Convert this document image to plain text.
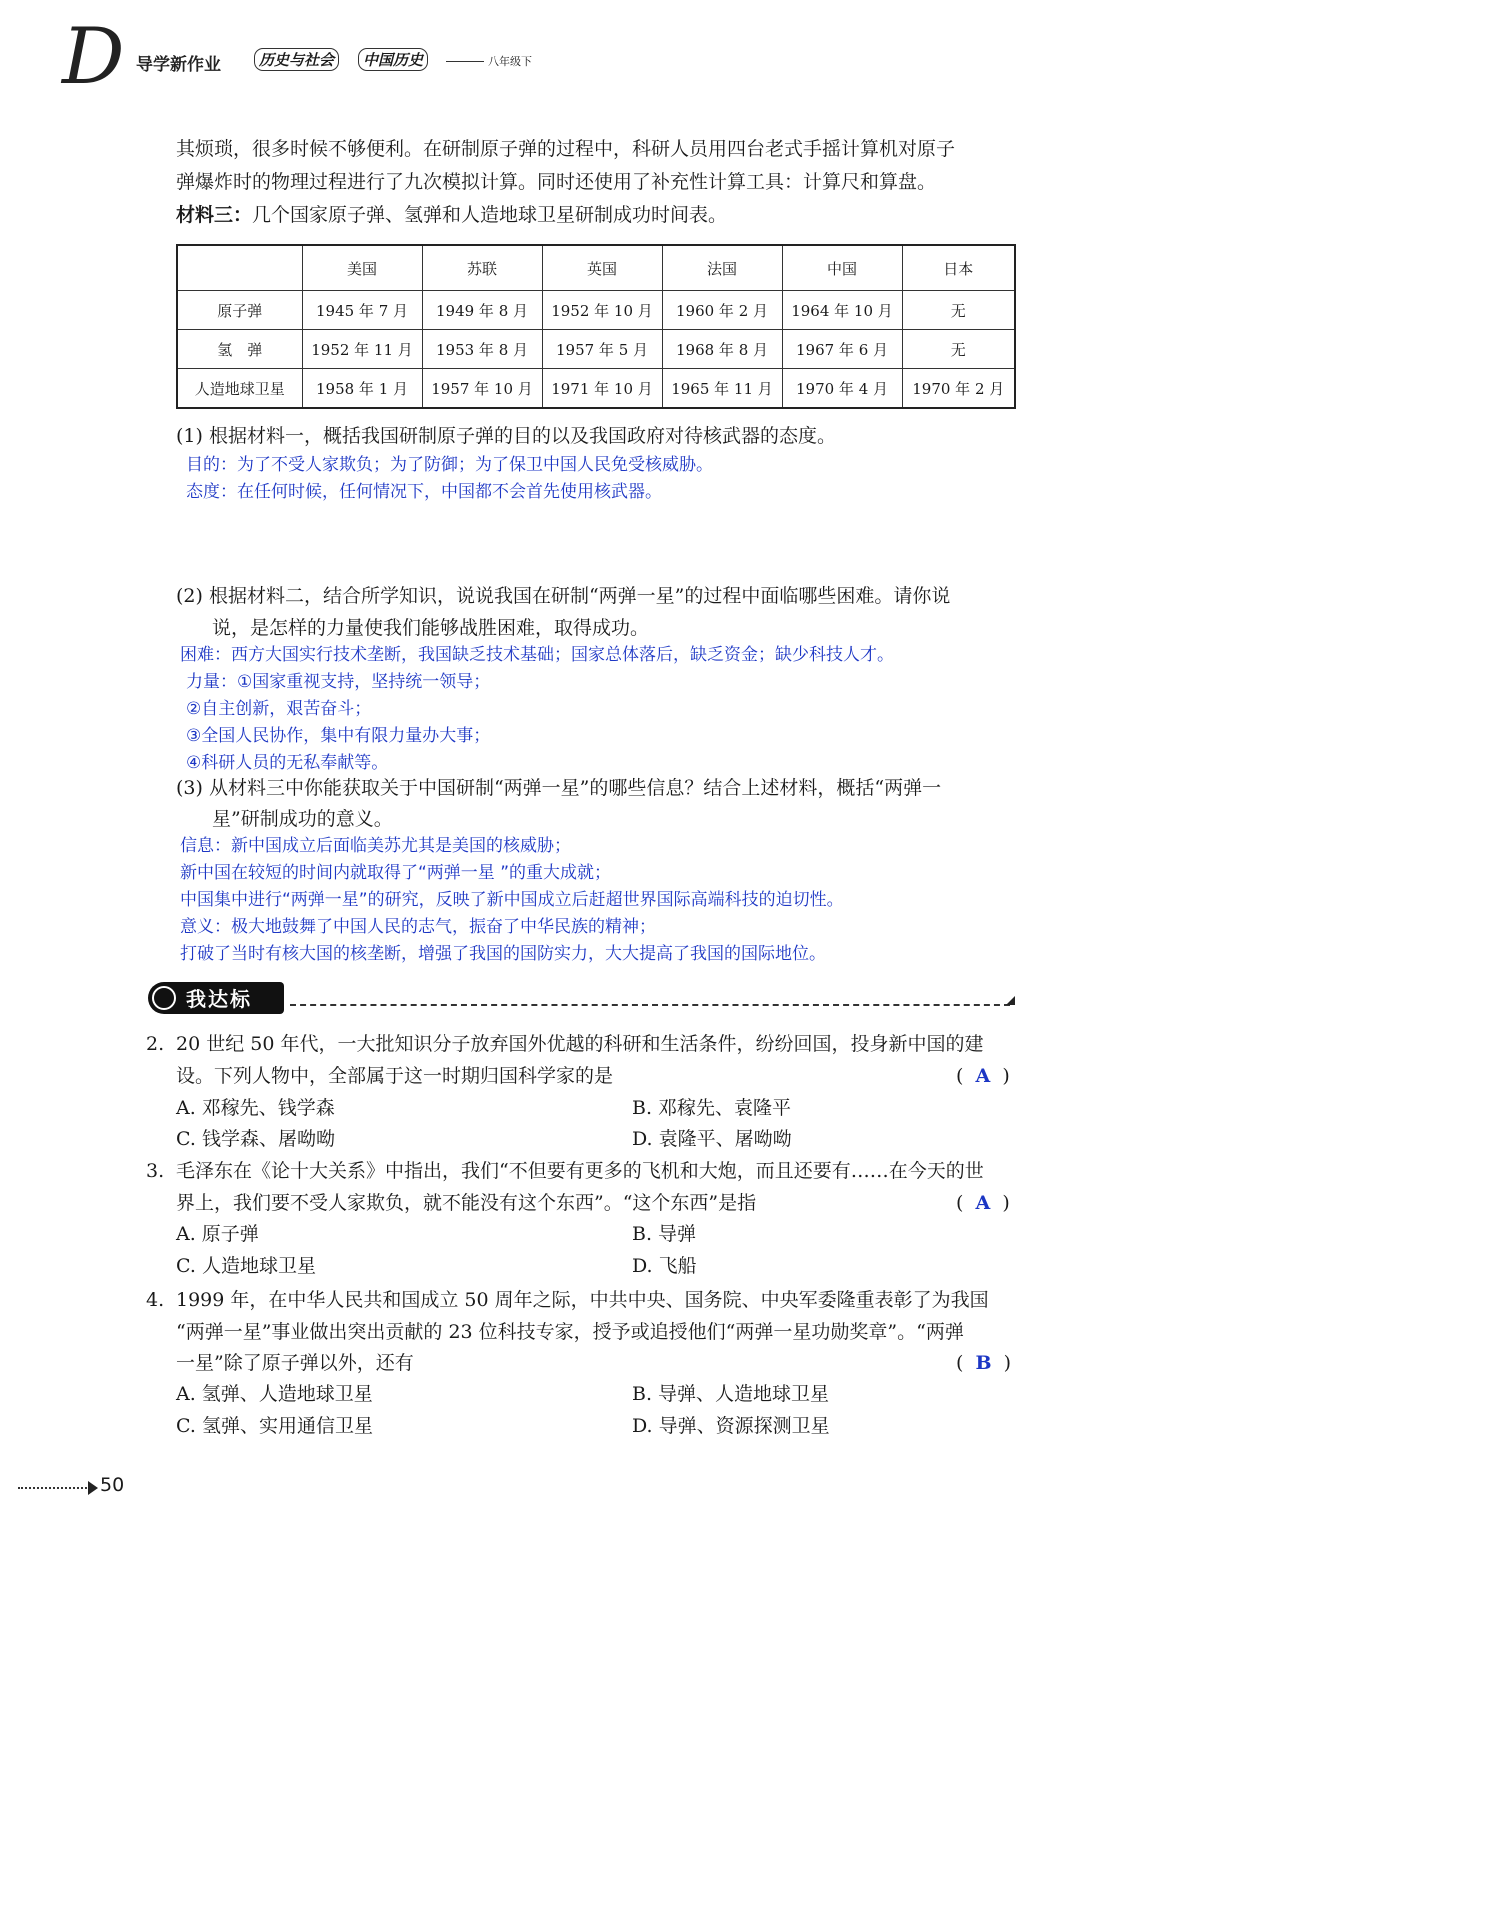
D 导学新作业	历史与社会	中国历史	八年级下
其烦琐，很多时候不够便利。在研制原子弹的过程中，科研人员用四台老式手摇计算机对原子
弹爆炸时的物理过程进行了九次模拟计算。同时还使用了补充性计算工具：计算尺和算盘。
材料三：几个国家原子弹、氢弹和人造地球卫星研制成功时间表。
	美国	苏联	英国	法国	中国	日本
原子弹	1945 年 7 月	1949 年 8 月	1952 年 10 月	1960 年 2 月	1964 年 10 月	无
氢　弹	1952 年 11 月	1953 年 8 月	1957 年 5 月	1968 年 8 月	1967 年 6 月	无
人造地球卫星	1958 年 1 月	1957 年 10 月	1971 年 10 月	1965 年 11 月	1970 年 4 月	1970 年 2 月
(1) 根据材料一，概括我国研制原子弹的目的以及我国政府对待核武器的态度。
目的：为了不受人家欺负；为了防御；为了保卫中国人民免受核威胁。
态度：在任何时候，任何情况下，中国都不会首先使用核武器。
(2) 根据材料二，结合所学知识，说说我国在研制“两弹一星”的过程中面临哪些困难。请你说
说，是怎样的力量使我们能够战胜困难，取得成功。
困难：西方大国实行技术垄断，我国缺乏技术基础；国家总体落后，缺乏资金；缺少科技人才。
力量：①国家重视支持，坚持统一领导；
②自主创新，艰苦奋斗；
③全国人民协作，集中有限力量办大事；
④科研人员的无私奉献等。
(3) 从材料三中你能获取关于中国研制“两弹一星”的哪些信息？结合上述材料，概括“两弹一
星”研制成功的意义。
信息：新中国成立后面临美苏尤其是美国的核威胁；
新中国在较短的时间内就取得了“两弹一星 ”的重大成就；
中国集中进行“两弹一星”的研究，反映了新中国成立后赶超世界国际高端科技的迫切性。
意义：极大地鼓舞了中国人民的志气，振奋了中华民族的精神；
打破了当时有核大国的核垄断，增强了我国的国防实力，大大提高了我国的国际地位。
我达标
2. 20 世纪 50 年代，一大批知识分子放弃国外优越的科研和生活条件，纷纷回国，投身新中国的建
设。下列人物中，全部属于这一时期归国科学家的是	( A )
A. 邓稼先、钱学森	B. 邓稼先、袁隆平
C. 钱学森、屠呦呦	D. 袁隆平、屠呦呦
3. 毛泽东在《论十大关系》中指出，我们“不但要有更多的飞机和大炮，而且还要有……在今天的世
界上，我们要不受人家欺负，就不能没有这个东西”。“这个东西”是指	( A )
A. 原子弹	B. 导弹
C. 人造地球卫星	D. 飞船
4. 1999 年，在中华人民共和国成立 50 周年之际，中共中央、国务院、中央军委隆重表彰了为我国
“两弹一星”事业做出突出贡献的 23 位科技专家，授予或追授他们“两弹一星功勋奖章”。“两弹
一星”除了原子弹以外，还有	( B )
A. 氢弹、人造地球卫星	B. 导弹、人造地球卫星
C. 氢弹、实用通信卫星	D. 导弹、资源探测卫星
50
